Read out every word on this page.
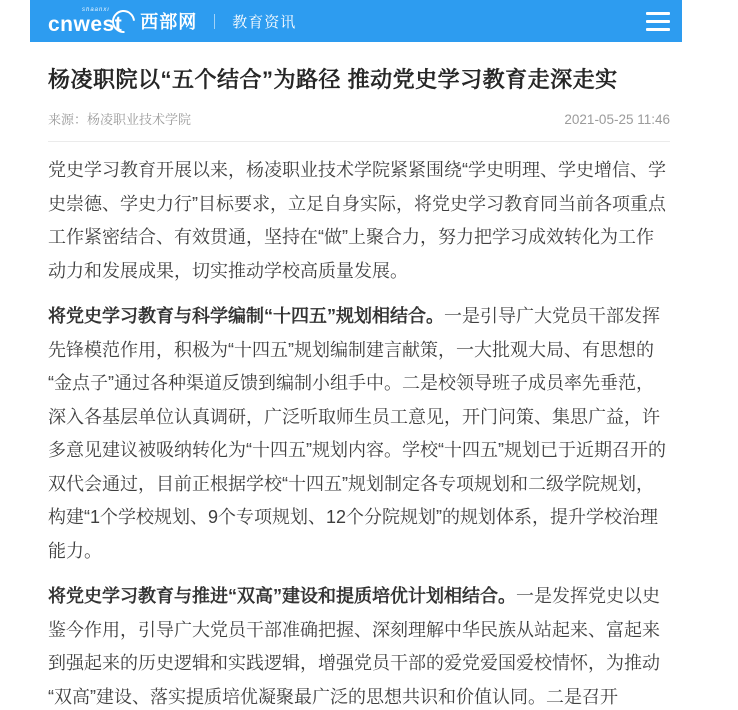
shaanxi
cnwest	西部网 教育资讯
杨凌职院以“五个结合”为路径 推动党史学习教育走深走实
来源：杨凌职业技术学院	2021-05-25 11:46

党史学习教育开展以来，杨凌职业技术学院紧紧围绕“学史明理、学史增信、学史崇德、学史力行”目标要求，立足自身实际，将党史学习教育同当前各项重点工作紧密结合、有效贯通，坚持在“做”上聚合力，努力把学习成效转化为工作动力和发展成果，切实推动学校高质量发展。

将党史学习教育与科学编制“十四五”规划相结合。一是引导广大党员干部发挥先锋模范作用，积极为“十四五”规划编制建言献策，一大批观大局、有思想的“金点子”通过各种渠道反馈到编制小组手中。二是校领导班子成员率先垂范，深入各基层单位认真调研，广泛听取师生员工意见，开门问策、集思广益，许多意见建议被吸纳转化为“十四五”规划内容。学校“十四五”规划已于近期召开的双代会通过，目前正根据学校“十四五”规划制定各专项规划和二级学院规划，构建“1个学校规划、9个专项规划、12个分院规划”的规划体系，提升学校治理能力。

将党史学习教育与推进“双高”建设和提质培优计划相结合。一是发挥党史以史鉴今作用，引导广大党员干部准确把握、深刻理解中华民族从站起来、富起来到强起来的历史逻辑和实践逻辑，增强党员干部的爱党爱国爱校情怀，为推动“双高”建设、落实提质培优凝聚最广泛的思想共识和价值认同。二是召开
